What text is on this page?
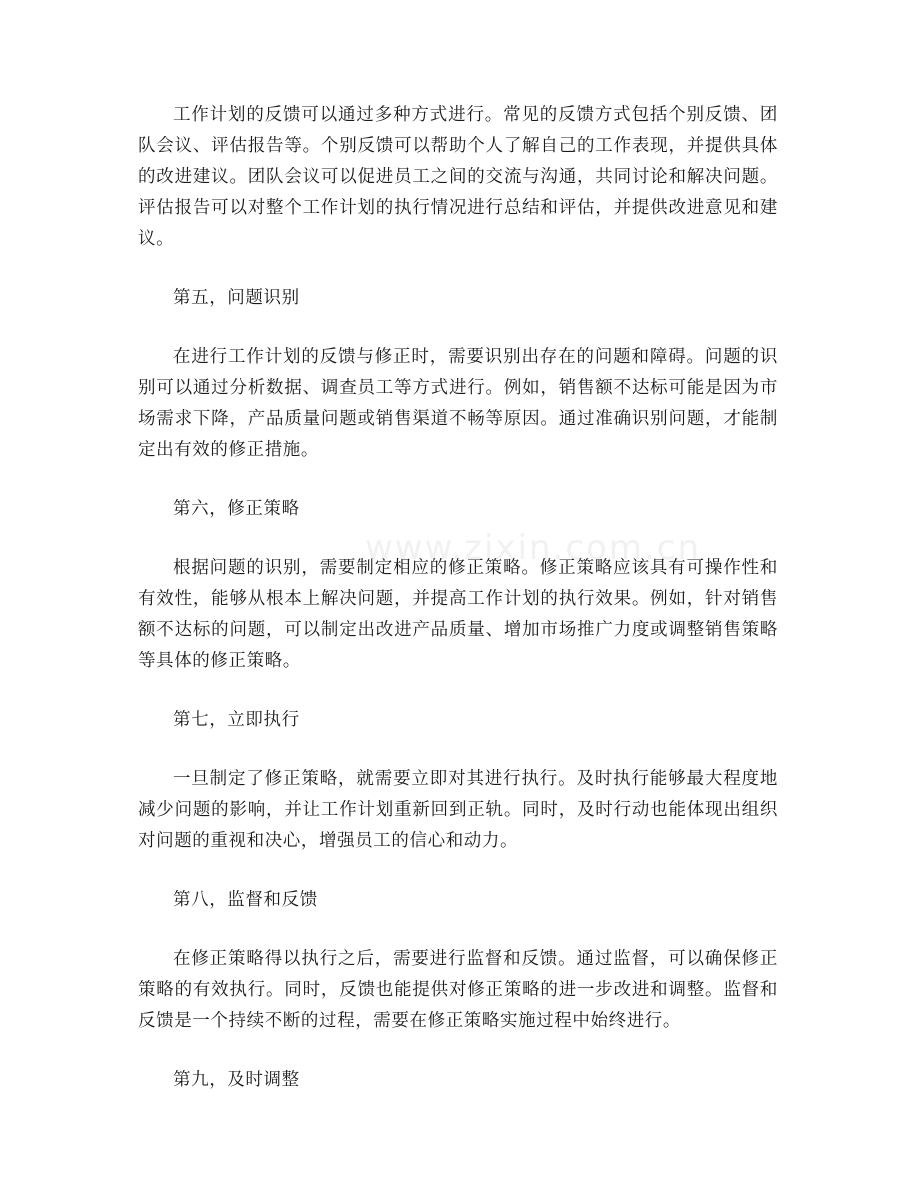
工作计划的反馈可以通过多种方式进行。常见的反馈方式包括个别反馈、团队会议、评估报告等。个别反馈可以帮助个人了解自己的工作表现，并提供具体的改进建议。团队会议可以促进员工之间的交流与沟通，共同讨论和解决问题。评估报告可以对整个工作计划的执行情况进行总结和评估，并提供改进意见和建议。

第五，问题识别

在进行工作计划的反馈与修正时，需要识别出存在的问题和障碍。问题的识别可以通过分析数据、调查员工等方式进行。例如，销售额不达标可能是因为市场需求下降，产品质量问题或销售渠道不畅等原因。通过准确识别问题，才能制定出有效的修正措施。

第六，修正策略

根据问题的识别，需要制定相应的修正策略。修正策略应该具有可操作性和有效性，能够从根本上解决问题，并提高工作计划的执行效果。例如，针对销售额不达标的问题，可以制定出改进产品质量、增加市场推广力度或调整销售策略等具体的修正策略。

第七，立即执行

一旦制定了修正策略，就需要立即对其进行执行。及时执行能够最大程度地减少问题的影响，并让工作计划重新回到正轨。同时，及时行动也能体现出组织对问题的重视和决心，增强员工的信心和动力。

第八，监督和反馈

在修正策略得以执行之后，需要进行监督和反馈。通过监督，可以确保修正策略的有效执行。同时，反馈也能提供对修正策略的进一步改进和调整。监督和反馈是一个持续不断的过程，需要在修正策略实施过程中始终进行。

第九，及时调整

www.zixin.com.cn
